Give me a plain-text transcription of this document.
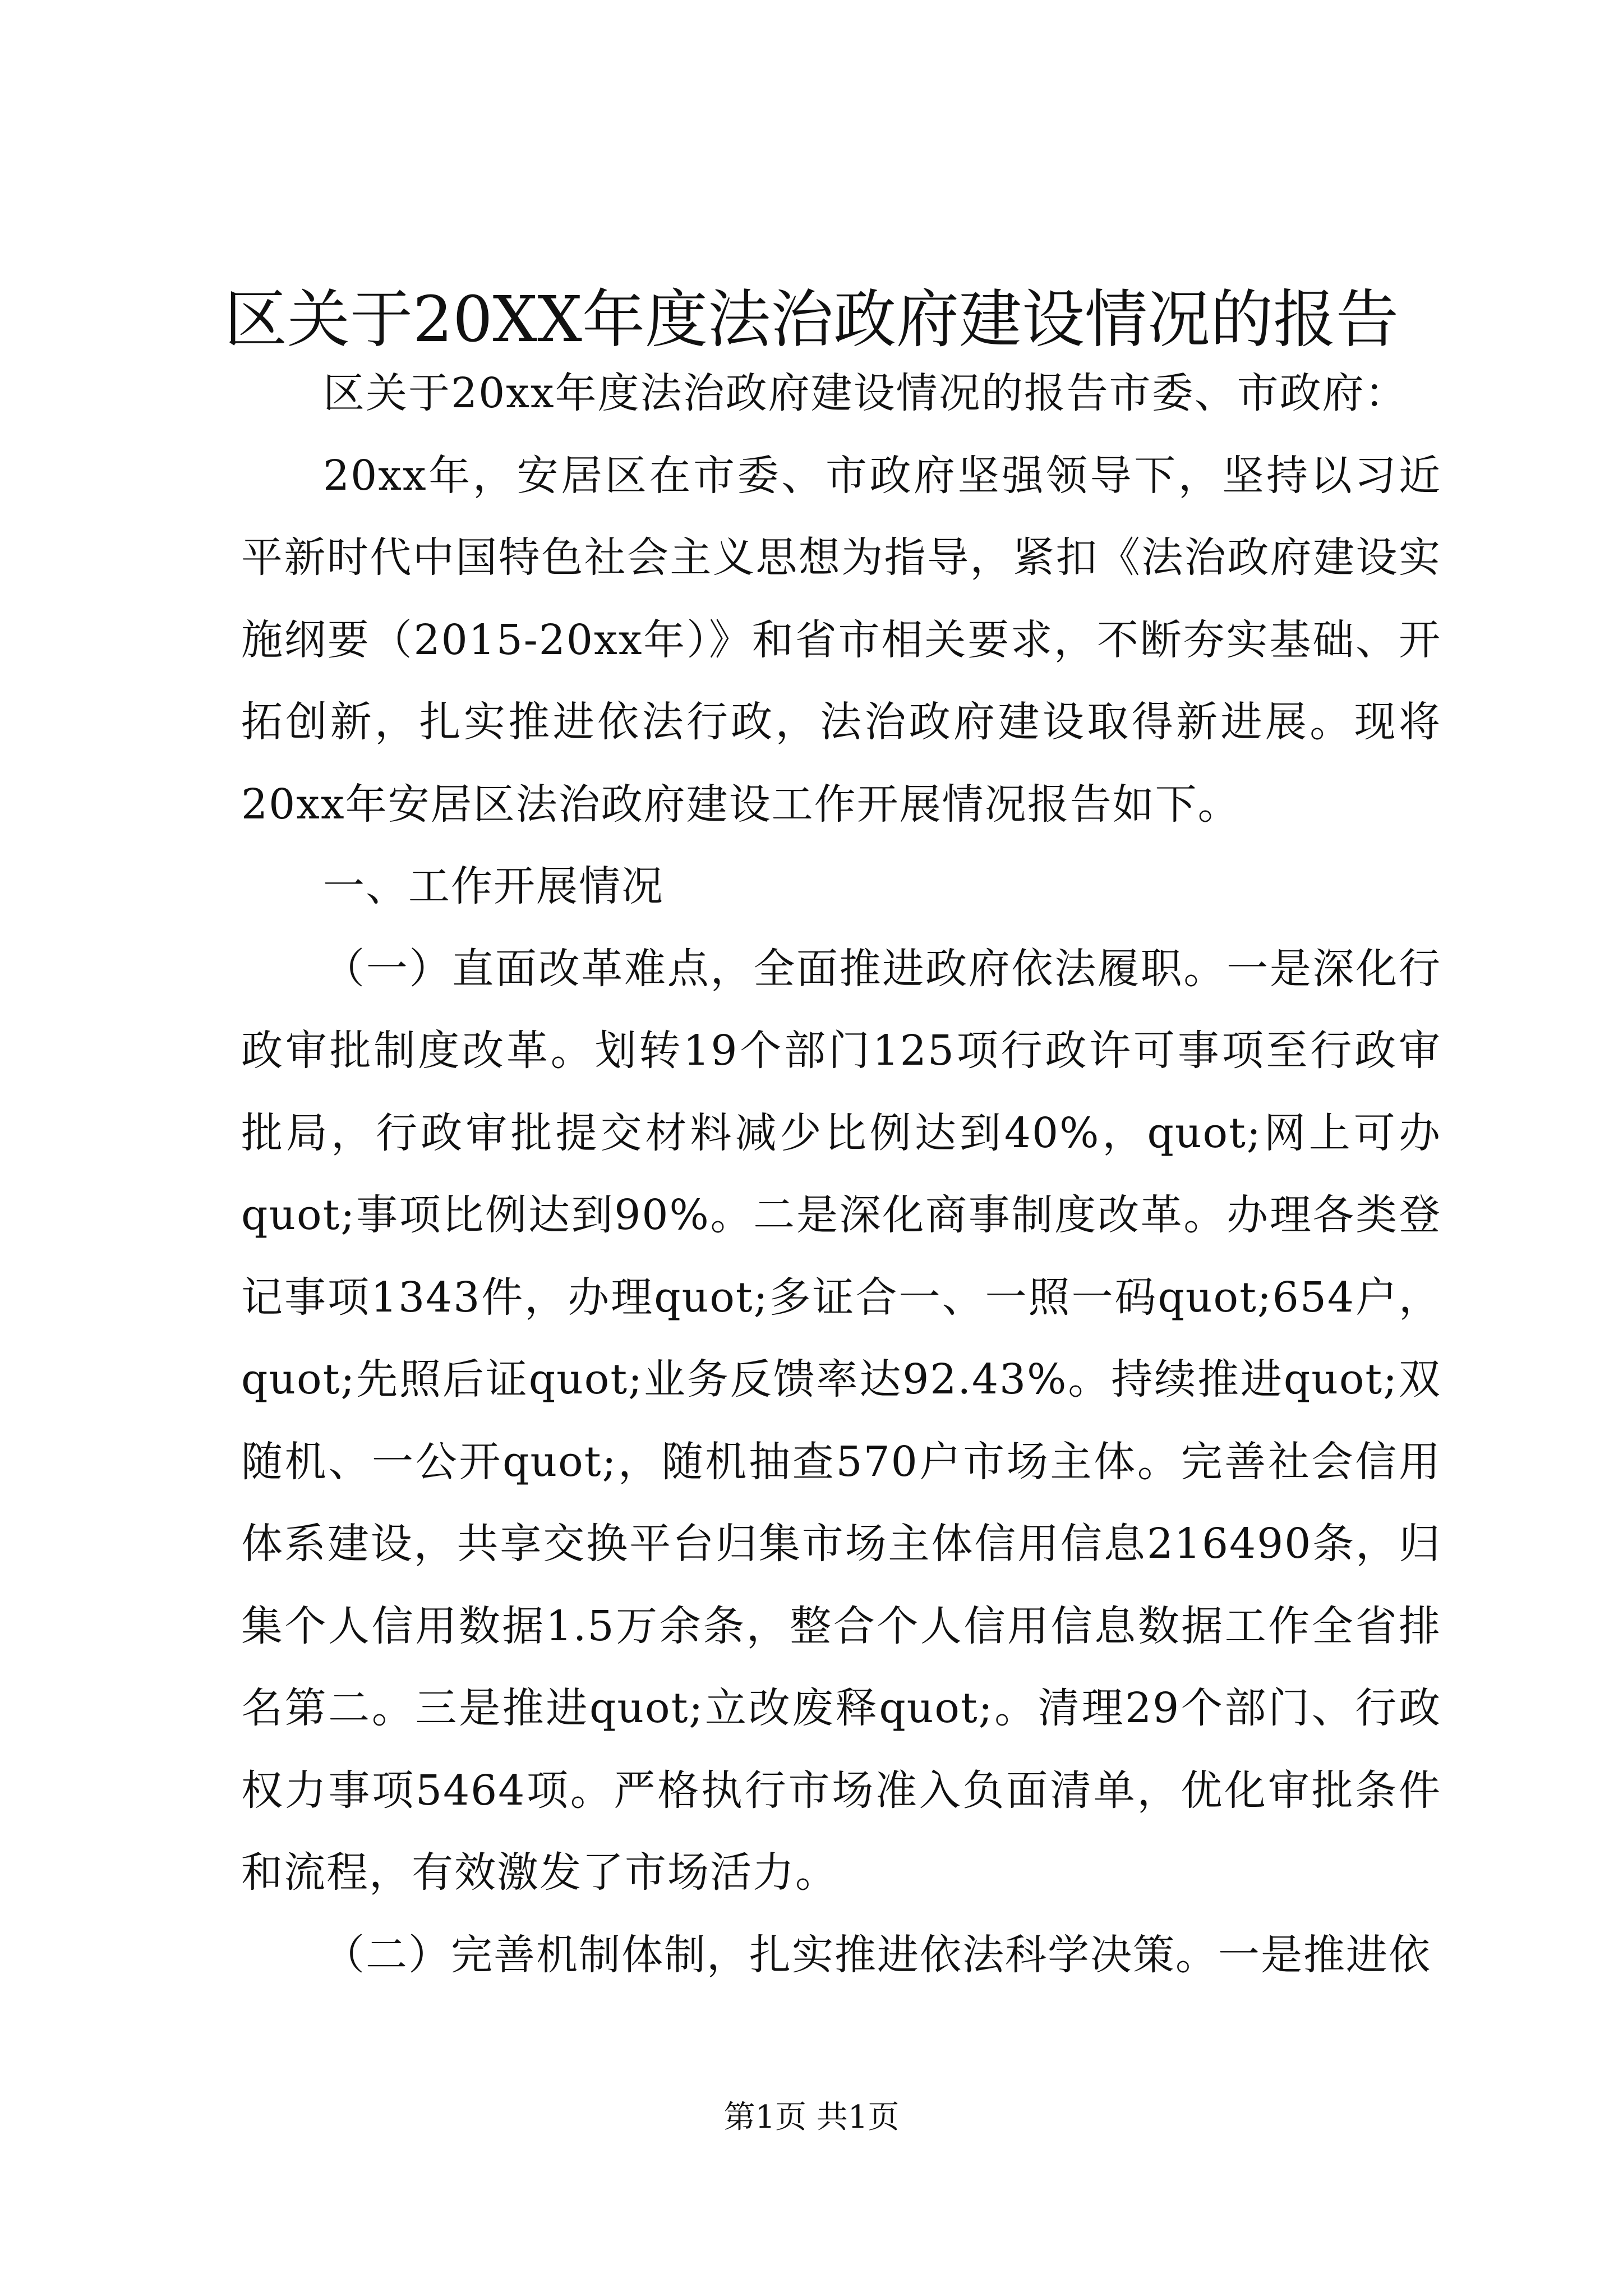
区关于20XX年度法治政府建设情况的报告

区关于20xx年度法治政府建设情况的报告市委、市政府：

20xx年，安居区在市委、市政府坚强领导下，坚持以习近平新时代中国特色社会主义思想为指导，紧扣《法治政府建设实施纲要（2015-20xx年）》和省市相关要求，不断夯实基础、开拓创新，扎实推进依法行政，法治政府建设取得新进展。现将20xx年安居区法治政府建设工作开展情况报告如下。

一、工作开展情况

（一）直面改革难点，全面推进政府依法履职。一是深化行政审批制度改革。划转19个部门125项行政许可事项至行政审批局，行政审批提交材料减少比例达到40%，quot;网上可办quot;事项比例达到90%。二是深化商事制度改革。办理各类登记事项1343件，办理quot;多证合一、一照一码quot;654户，quot;先照后证quot;业务反馈率达92.43%。持续推进quot;双随机、一公开quot;，随机抽查570户市场主体。完善社会信用体系建设，共享交换平台归集市场主体信用信息216490条，归集个人信用数据1.5万余条，整合个人信用信息数据工作全省排名第二。三是推进quot;立改废释quot;。清理29个部门、行政权力事项5464项。严格执行市场准入负面清单，优化审批条件和流程，有效激发了市场活力。

（二）完善机制体制，扎实推进依法科学决策。一是推进依

第1页 共1页
